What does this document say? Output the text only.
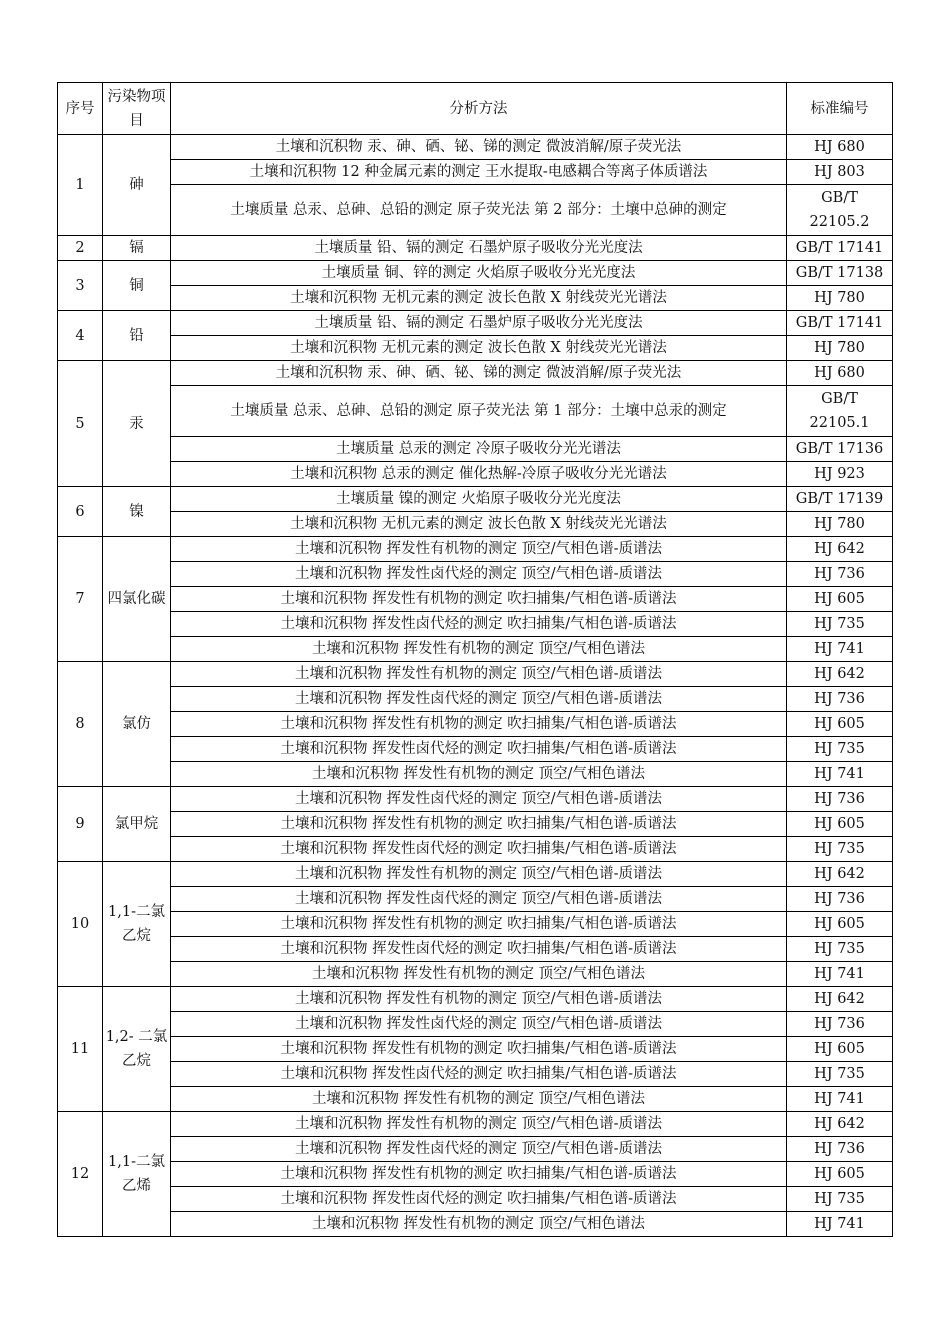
序号	污染物项目	分析方法	标准编号
1	砷	土壤和沉积物 汞、砷、硒、铋、锑的测定 微波消解/原子荧光法	HJ 680
		土壤和沉积物 12 种金属元素的测定 王水提取-电感耦合等离子体质谱法	HJ 803
		土壤质量 总汞、总砷、总铅的测定 原子荧光法 第 2 部分：土壤中总砷的测定	GB/T 22105.2
2	镉	土壤质量 铅、镉的测定 石墨炉原子吸收分光光度法	GB/T 17141
3	铜	土壤质量 铜、锌的测定 火焰原子吸收分光光度法	GB/T 17138
		土壤和沉积物 无机元素的测定 波长色散 X 射线荧光光谱法	HJ 780
4	铅	土壤质量 铅、镉的测定 石墨炉原子吸收分光光度法	GB/T 17141
		土壤和沉积物 无机元素的测定 波长色散 X 射线荧光光谱法	HJ 780
5	汞	土壤和沉积物 汞、砷、硒、铋、锑的测定 微波消解/原子荧光法	HJ 680
		土壤质量 总汞、总砷、总铅的测定 原子荧光法 第 1 部分：土壤中总汞的测定	GB/T 22105.1
		土壤质量 总汞的测定 冷原子吸收分光光谱法	GB/T 17136
		土壤和沉积物 总汞的测定 催化热解-冷原子吸收分光光谱法	HJ 923
6	镍	土壤质量 镍的测定 火焰原子吸收分光光度法	GB/T 17139
		土壤和沉积物 无机元素的测定 波长色散 X 射线荧光光谱法	HJ 780
7	四氯化碳	土壤和沉积物 挥发性有机物的测定 顶空/气相色谱-质谱法	HJ 642
		土壤和沉积物 挥发性卤代烃的测定 顶空/气相色谱-质谱法	HJ 736
		土壤和沉积物 挥发性有机物的测定 吹扫捕集/气相色谱-质谱法	HJ 605
		土壤和沉积物 挥发性卤代烃的测定 吹扫捕集/气相色谱-质谱法	HJ 735
		土壤和沉积物 挥发性有机物的测定 顶空/气相色谱法	HJ 741
8	氯仿	土壤和沉积物 挥发性有机物的测定 顶空/气相色谱-质谱法	HJ 642
		土壤和沉积物 挥发性卤代烃的测定 顶空/气相色谱-质谱法	HJ 736
		土壤和沉积物 挥发性有机物的测定 吹扫捕集/气相色谱-质谱法	HJ 605
		土壤和沉积物 挥发性卤代烃的测定 吹扫捕集/气相色谱-质谱法	HJ 735
		土壤和沉积物 挥发性有机物的测定 顶空/气相色谱法	HJ 741
9	氯甲烷	土壤和沉积物 挥发性卤代烃的测定 顶空/气相色谱-质谱法	HJ 736
		土壤和沉积物 挥发性有机物的测定 吹扫捕集/气相色谱-质谱法	HJ 605
		土壤和沉积物 挥发性卤代烃的测定 吹扫捕集/气相色谱-质谱法	HJ 735
10	1,1-二氯乙烷	土壤和沉积物 挥发性有机物的测定 顶空/气相色谱-质谱法	HJ 642
		土壤和沉积物 挥发性卤代烃的测定 顶空/气相色谱-质谱法	HJ 736
		土壤和沉积物 挥发性有机物的测定 吹扫捕集/气相色谱-质谱法	HJ 605
		土壤和沉积物 挥发性卤代烃的测定 吹扫捕集/气相色谱-质谱法	HJ 735
		土壤和沉积物 挥发性有机物的测定 顶空/气相色谱法	HJ 741
11	1,2- 二氯乙烷	土壤和沉积物 挥发性有机物的测定 顶空/气相色谱-质谱法	HJ 642
		土壤和沉积物 挥发性卤代烃的测定 顶空/气相色谱-质谱法	HJ 736
		土壤和沉积物 挥发性有机物的测定 吹扫捕集/气相色谱-质谱法	HJ 605
		土壤和沉积物 挥发性卤代烃的测定 吹扫捕集/气相色谱-质谱法	HJ 735
		土壤和沉积物 挥发性有机物的测定 顶空/气相色谱法	HJ 741
12	1,1-二氯乙烯	土壤和沉积物 挥发性有机物的测定 顶空/气相色谱-质谱法	HJ 642
		土壤和沉积物 挥发性卤代烃的测定 顶空/气相色谱-质谱法	HJ 736
		土壤和沉积物 挥发性有机物的测定 吹扫捕集/气相色谱-质谱法	HJ 605
		土壤和沉积物 挥发性卤代烃的测定 吹扫捕集/气相色谱-质谱法	HJ 735
		土壤和沉积物 挥发性有机物的测定 顶空/气相色谱法	HJ 741
